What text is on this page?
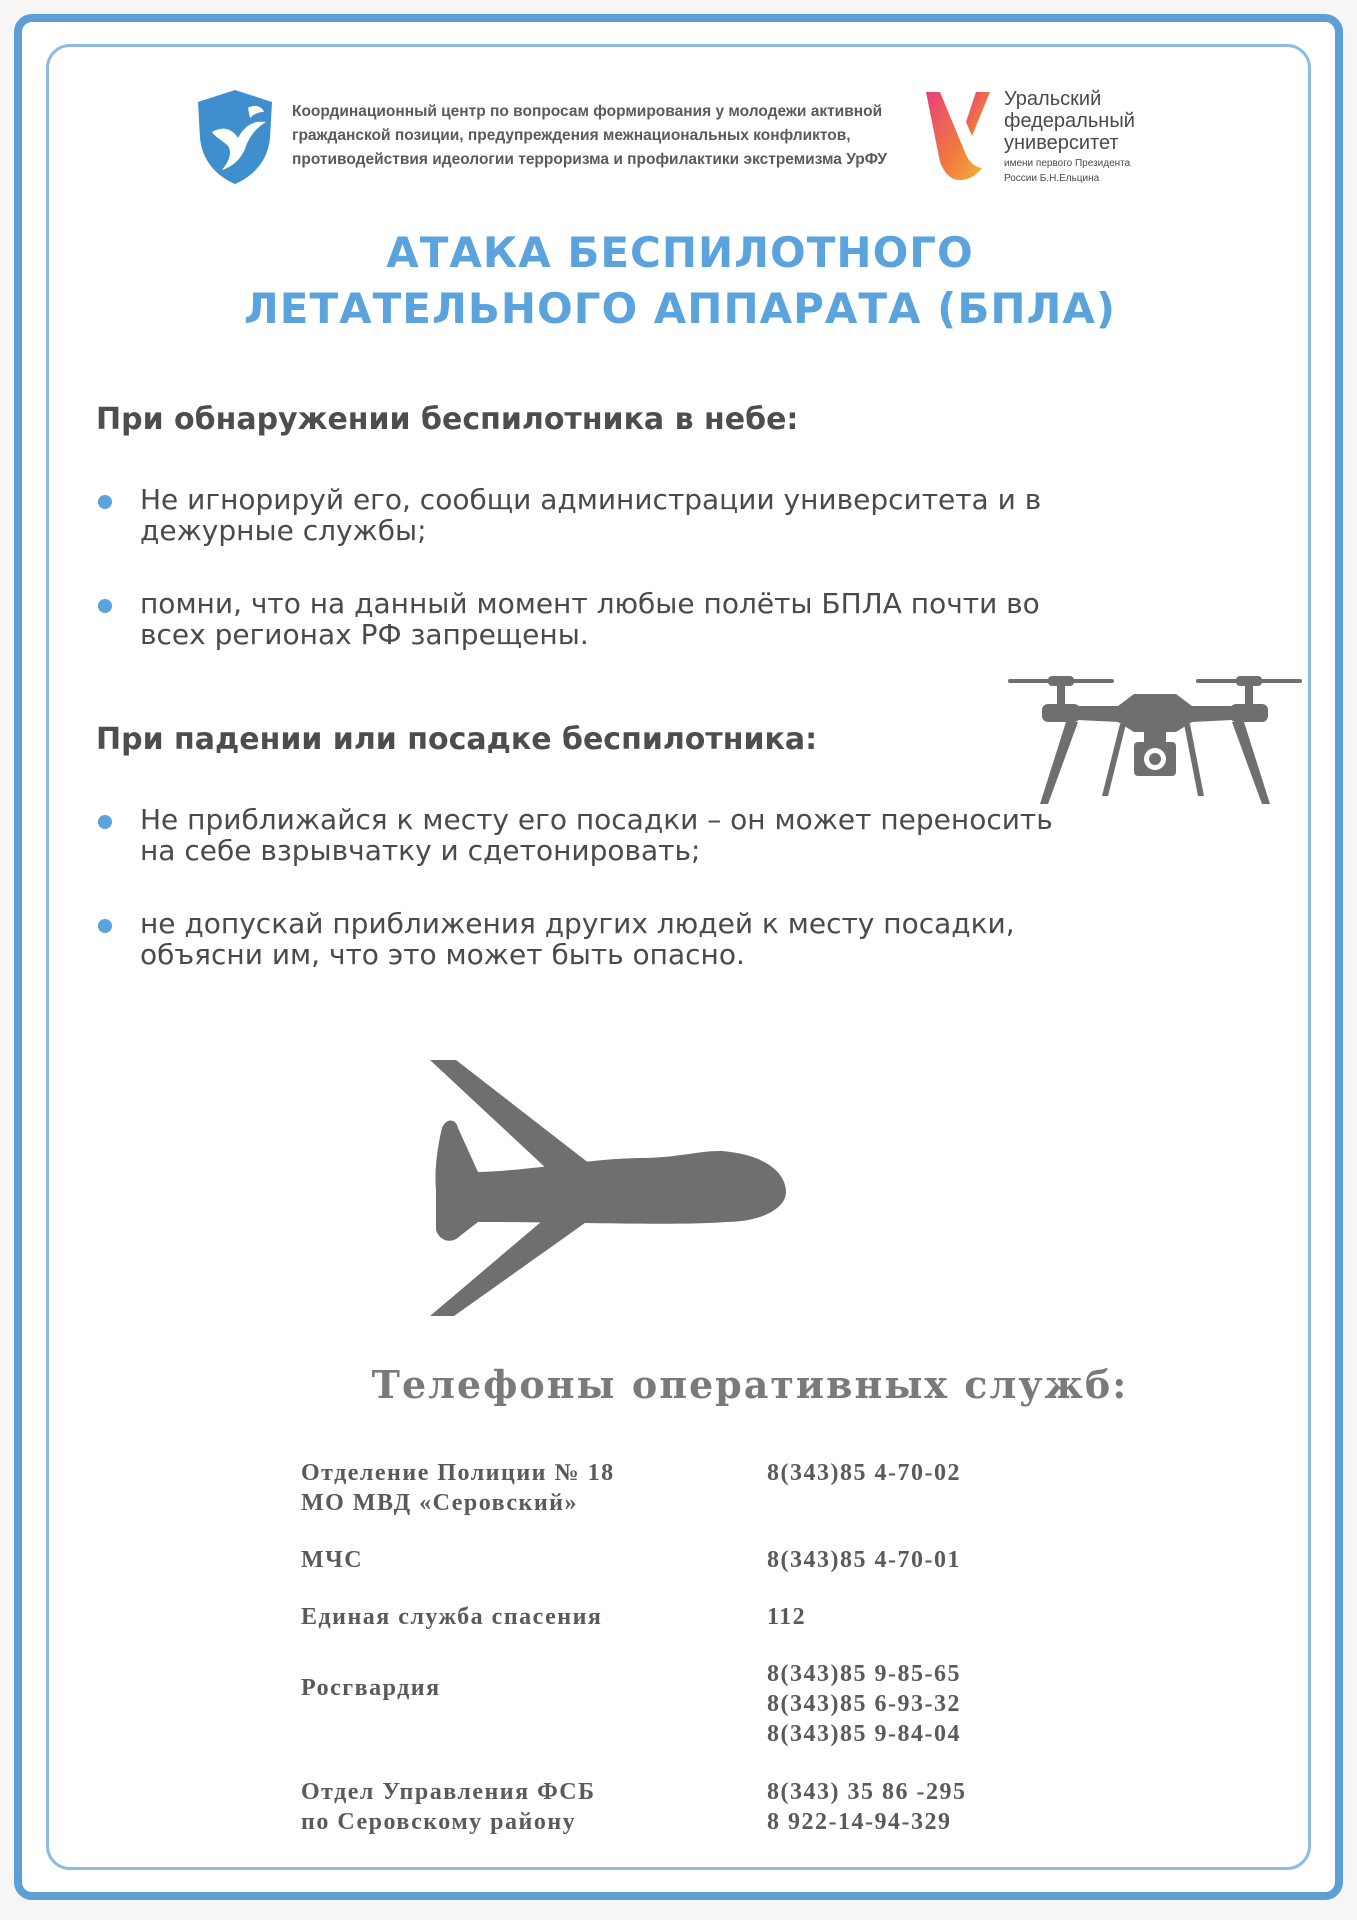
Координационный центр по вопросам формирования у молодежи активной гражданской позиции, предупреждения межнациональных конфликтов, противодействия идеологии терроризма и профилактики экстремизма УрФУ
Уральский
федеральный
университет
имени первого Президента
России Б.Н.Ельцина
АТАКА БЕСПИЛОТНОГО
ЛЕТАТЕЛЬНОГО АППАРАТА (БПЛА)
При обнаружении беспилотника в небе:
Не игнорируй его, сообщи администрации университета и в дежурные службы;
помни, что на данный момент любые полёты БПЛА почти во всех регионах РФ запрещены.
При падении или посадке беспилотника:
Не приближайся к месту его посадки – он может переносить на себе взрывчатку и сдетонировать;
не допускай приближения других людей к месту посадки, объясни им, что это может быть опасно.
Телефоны оперативных служб:
Отделение Полиции № 18
МО МВД «Серовский»
8(343)85 4-70-02
МЧС	8(343)85 4-70-01
Единая служба спасения	112
Росгвардия
8(343)85 9-85-65
8(343)85 6-93-32
8(343)85 9-84-04
Отдел Управления ФСБ
по Серовскому району
8(343) 35 86 -295
8 922-14-94-329
